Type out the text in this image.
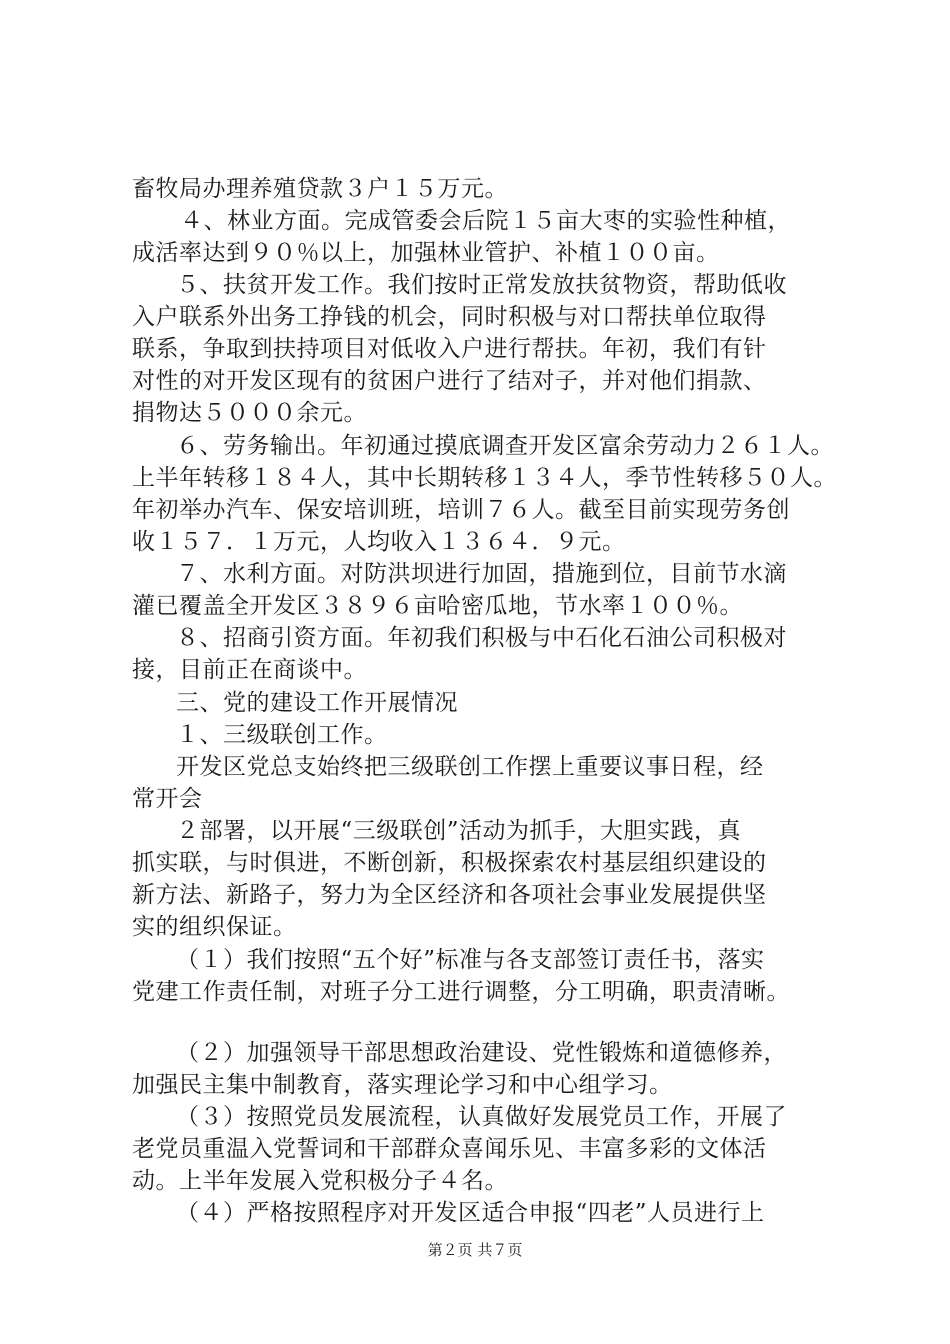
畜牧局办理养殖贷款３户１５万元。
４、林业方面。完成管委会后院１５亩大枣的实验性种植，
成活率达到９０％以上，加强林业管护、补植１００亩。
５、扶贫开发工作。我们按时正常发放扶贫物资，帮助低收
入户联系外出务工挣钱的机会，同时积极与对口帮扶单位取得
联系，争取到扶持项目对低收入户进行帮扶。年初，我们有针
对性的对开发区现有的贫困户进行了结对子，并对他们捐款、
捐物达５０００余元。
６、劳务输出。年初通过摸底调查开发区富余劳动力２６１人。
上半年转移１８４人，其中长期转移１３４人，季节性转移５０人。
年初举办汽车、保安培训班，培训７６人。截至目前实现劳务创
收１５７．１万元，人均收入１３６４．９元。
７、水利方面。对防洪坝进行加固，措施到位，目前节水滴
灌已覆盖全开发区３８９６亩哈密瓜地，节水率１００％。
８、招商引资方面。年初我们积极与中石化石油公司积极对
接，目前正在商谈中。
三、党的建设工作开展情况
１、三级联创工作。
开发区党总支始终把三级联创工作摆上重要议事日程，经
常开会
２部署，以开展“三级联创”活动为抓手，大胆实践，真
抓实联，与时俱进，不断创新，积极探索农村基层组织建设的
新方法、新路子，努力为全区经济和各项社会事业发展提供坚
实的组织保证。
（１）我们按照“五个好”标准与各支部签订责任书，落实
党建工作责任制，对班子分工进行调整，分工明确，职责清晰。
（２）加强领导干部思想政治建设、党性锻炼和道德修养，
加强民主集中制教育，落实理论学习和中心组学习。
（３）按照党员发展流程，认真做好发展党员工作，开展了
老党员重温入党誓词和干部群众喜闻乐见、丰富多彩的文体活
动。上半年发展入党积极分子４名。
（４）严格按照程序对开发区适合申报“四老”人员进行上
第２页 共７页
